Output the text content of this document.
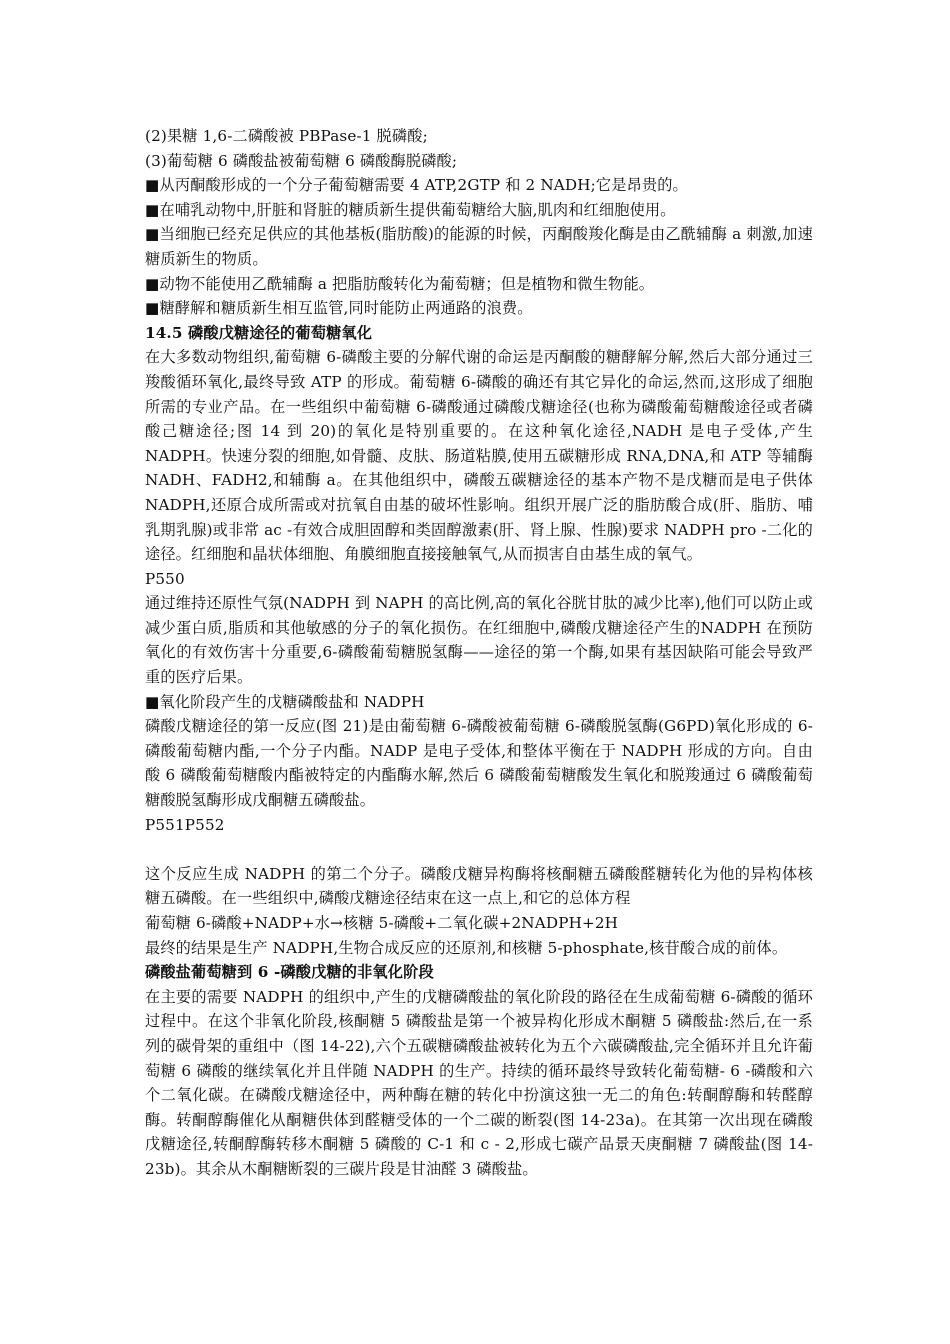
(2)果糖 1,6-二磷酸被 PBPase-1 脱磷酸;

(3)葡萄糖 6 磷酸盐被葡萄糖 6 磷酸酶脱磷酸;

■从丙酮酸形成的一个分子葡萄糖需要 4 ATP,2GTP 和 2 NADH;它是昂贵的。

■在哺乳动物中,肝脏和肾脏的糖质新生提供葡萄糖给大脑,肌肉和红细胞使用。

■当细胞已经充足供应的其他基板(脂肪酸)的能源的时候，丙酮酸羧化酶是由乙酰辅酶 a 刺激,加速糖质新生的物质。

■动物不能使用乙酰辅酶 a 把脂肪酸转化为葡萄糖；但是植物和微生物能。

■糖酵解和糖质新生相互监管,同时能防止两通路的浪费。

14.5 磷酸戊糖途径的葡萄糖氧化

在大多数动物组织,葡萄糖 6-磷酸主要的分解代谢的命运是丙酮酸的糖酵解分解,然后大部分通过三羧酸循环氧化,最终导致 ATP 的形成。葡萄糖 6-磷酸的确还有其它异化的命运,然而,这形成了细胞所需的专业产品。在一些组织中葡萄糖 6-磷酸通过磷酸戊糖途径(也称为磷酸葡萄糖酸途径或者磷酸己糖途径;图 14 到 20)的氧化是特别重要的。在这种氧化途径,NADH 是电子受体,产生 NADPH。快速分裂的细胞,如骨髓、皮肤、肠道粘膜,使用五碳糖形成 RNA,DNA,和 ATP 等辅酶 NADH、FADH2,和辅酶 a。在其他组织中，磷酸五碳糖途径的基本产物不是戊糖而是电子供体 NADPH,还原合成所需或对抗氧自由基的破坏性影响。组织开展广泛的脂肪酸合成(肝、脂肪、哺乳期乳腺)或非常 ac -有效合成胆固醇和类固醇激素(肝、肾上腺、性腺)要求 NADPH pro -二化的途径。红细胞和晶状体细胞、角膜细胞直接接触氧气,从而损害自由基生成的氧气。

P550

通过维持还原性气氛(NADPH 到 NAPH 的高比例,高的氧化谷胱甘肽的减少比率),他们可以防止或减少蛋白质,脂质和其他敏感的分子的氧化损伤。在红细胞中,磷酸戊糖途径产生的NADPH 在预防氧化的有效伤害十分重要,6-磷酸葡萄糖脱氢酶——途径的第一个酶,如果有基因缺陷可能会导致严重的医疗后果。

■氧化阶段产生的戊糖磷酸盐和 NADPH

磷酸戊糖途径的第一反应(图 21)是由葡萄糖 6-磷酸被葡萄糖 6-磷酸脱氢酶(G6PD)氧化形成的 6-磷酸葡萄糖内酯,一个分子内酯。NADP 是电子受体,和整体平衡在于 NADPH 形成的方向。自由酸 6 磷酸葡萄糖酸内酯被特定的内酯酶水解,然后 6 磷酸葡萄糖酸发生氧化和脱羧通过 6 磷酸葡萄糖酸脱氢酶形成戊酮糖五磷酸盐。

P551P552

这个反应生成 NADPH 的第二个分子。磷酸戊糖异构酶将核酮糖五磷酸醛糖转化为他的异构体核糖五磷酸。在一些组织中,磷酸戊糖途径结束在这一点上,和它的总体方程

葡萄糖 6-磷酸+NADP+水→核糖 5-磷酸+二氧化碳+2NADPH+2H

最终的结果是生产 NADPH,生物合成反应的还原剂,和核糖 5-phosphate,核苷酸合成的前体。

磷酸盐葡萄糖到 6 -磷酸戊糖的非氧化阶段

在主要的需要 NADPH 的组织中,产生的戊糖磷酸盐的氧化阶段的路径在生成葡萄糖 6-磷酸的循环过程中。在这个非氧化阶段,核酮糖 5 磷酸盐是第一个被异构化形成木酮糖 5 磷酸盐:然后,在一系列的碳骨架的重组中（图 14-22),六个五碳糖磷酸盐被转化为五个六碳磷酸盐,完全循环并且允许葡萄糖 6 磷酸的继续氧化并且伴随 NADPH 的生产。持续的循环最终导致转化葡萄糖- 6 -磷酸和六个二氧化碳。在磷酸戊糖途径中，两种酶在糖的转化中扮演这独一无二的角色:转酮醇酶和转醛醇酶。转酮醇酶催化从酮糖供体到醛糖受体的一个二碳的断裂(图 14-23a)。在其第一次出现在磷酸戊糖途径,转酮醇酶转移木酮糖 5 磷酸的 C-1 和 c - 2,形成七碳产品景天庚酮糖 7 磷酸盐(图 14-23b)。其余从木酮糖断裂的三碳片段是甘油醛 3 磷酸盐。
